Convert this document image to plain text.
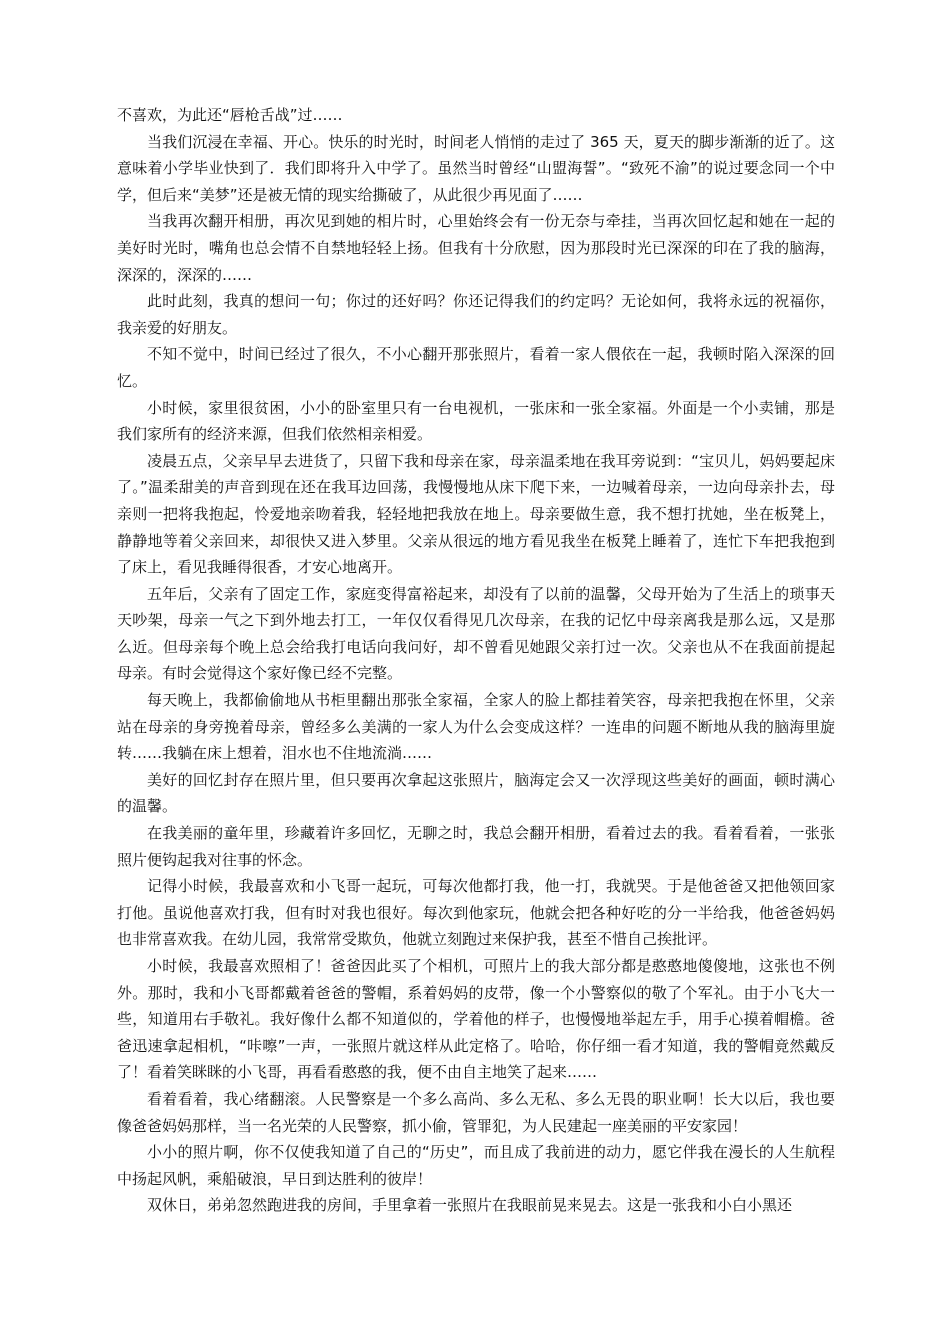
不喜欢，为此还“唇枪舌战”过……

当我们沉浸在幸福、开心。快乐的时光时，时间老人悄悄的走过了 365 天，夏天的脚步渐渐的近了。这意味着小学毕业快到了．我们即将升入中学了。虽然当时曾经“山盟海誓”。“致死不渝”的说过要念同一个中学，但后来“美梦”还是被无情的现实给撕破了，从此很少再见面了……

当我再次翻开相册，再次见到她的相片时，心里始终会有一份无奈与牵挂，当再次回忆起和她在一起的美好时光时，嘴角也总会情不自禁地轻轻上扬。但我有十分欣慰，因为那段时光已深深的印在了我的脑海，深深的，深深的……

此时此刻，我真的想问一句；你过的还好吗？你还记得我们的约定吗？无论如何，我将永远的祝福你，我亲爱的好朋友。

不知不觉中，时间已经过了很久，不小心翻开那张照片，看着一家人偎依在一起，我顿时陷入深深的回忆。

小时候，家里很贫困，小小的卧室里只有一台电视机，一张床和一张全家福。外面是一个小卖铺，那是我们家所有的经济来源，但我们依然相亲相爱。

凌晨五点，父亲早早去进货了，只留下我和母亲在家，母亲温柔地在我耳旁说到：“宝贝儿，妈妈要起床了。”温柔甜美的声音到现在还在我耳边回荡，我慢慢地从床下爬下来，一边喊着母亲，一边向母亲扑去，母亲则一把将我抱起，怜爱地亲吻着我，轻轻地把我放在地上。母亲要做生意，我不想打扰她，坐在板凳上，静静地等着父亲回来，却很快又进入梦里。父亲从很远的地方看见我坐在板凳上睡着了，连忙下车把我抱到了床上，看见我睡得很香，才安心地离开。

五年后，父亲有了固定工作，家庭变得富裕起来，却没有了以前的温馨，父母开始为了生活上的琐事天天吵架，母亲一气之下到外地去打工，一年仅仅看得见几次母亲，在我的记忆中母亲离我是那么远，又是那么近。但母亲每个晚上总会给我打电话向我问好，却不曾看见她跟父亲打过一次。父亲也从不在我面前提起母亲。有时会觉得这个家好像已经不完整。

每天晚上，我都偷偷地从书柜里翻出那张全家福，全家人的脸上都挂着笑容，母亲把我抱在怀里，父亲站在母亲的身旁挽着母亲，曾经多么美满的一家人为什么会变成这样？一连串的问题不断地从我的脑海里旋转……我躺在床上想着，泪水也不住地流淌……

美好的回忆封存在照片里，但只要再次拿起这张照片，脑海定会又一次浮现这些美好的画面，顿时满心的温馨。

在我美丽的童年里，珍藏着许多回忆，无聊之时，我总会翻开相册，看着过去的我。看着看着，一张张照片便钩起我对往事的怀念。

记得小时候，我最喜欢和小飞哥一起玩，可每次他都打我，他一打，我就哭。于是他爸爸又把他领回家打他。虽说他喜欢打我，但有时对我也很好。每次到他家玩，他就会把各种好吃的分一半给我，他爸爸妈妈也非常喜欢我。在幼儿园，我常常受欺负，他就立刻跑过来保护我，甚至不惜自己挨批评。

小时候，我最喜欢照相了！爸爸因此买了个相机，可照片上的我大部分都是憨憨地傻傻地，这张也不例外。那时，我和小飞哥都戴着爸爸的警帽，系着妈妈的皮带，像一个小警察似的敬了个军礼。由于小飞大一些，知道用右手敬礼。我好像什么都不知道似的，学着他的样子，也慢慢地举起左手，用手心摸着帽檐。爸爸迅速拿起相机，“咔嚓”一声，一张照片就这样从此定格了。哈哈，你仔细一看才知道，我的警帽竟然戴反了！看着笑眯眯的小飞哥，再看看憨憨的我，便不由自主地笑了起来……

看着看着，我心绪翻滚。人民警察是一个多么高尚、多么无私、多么无畏的职业啊！长大以后，我也要像爸爸妈妈那样，当一名光荣的人民警察，抓小偷，管罪犯，为人民建起一座美丽的平安家园！

小小的照片啊，你不仅使我知道了自己的“历史”，而且成了我前进的动力，愿它伴我在漫长的人生航程中扬起风帆，乘船破浪，早日到达胜利的彼岸！

双休日，弟弟忽然跑进我的房间，手里拿着一张照片在我眼前晃来晃去。这是一张我和小白小黑还
